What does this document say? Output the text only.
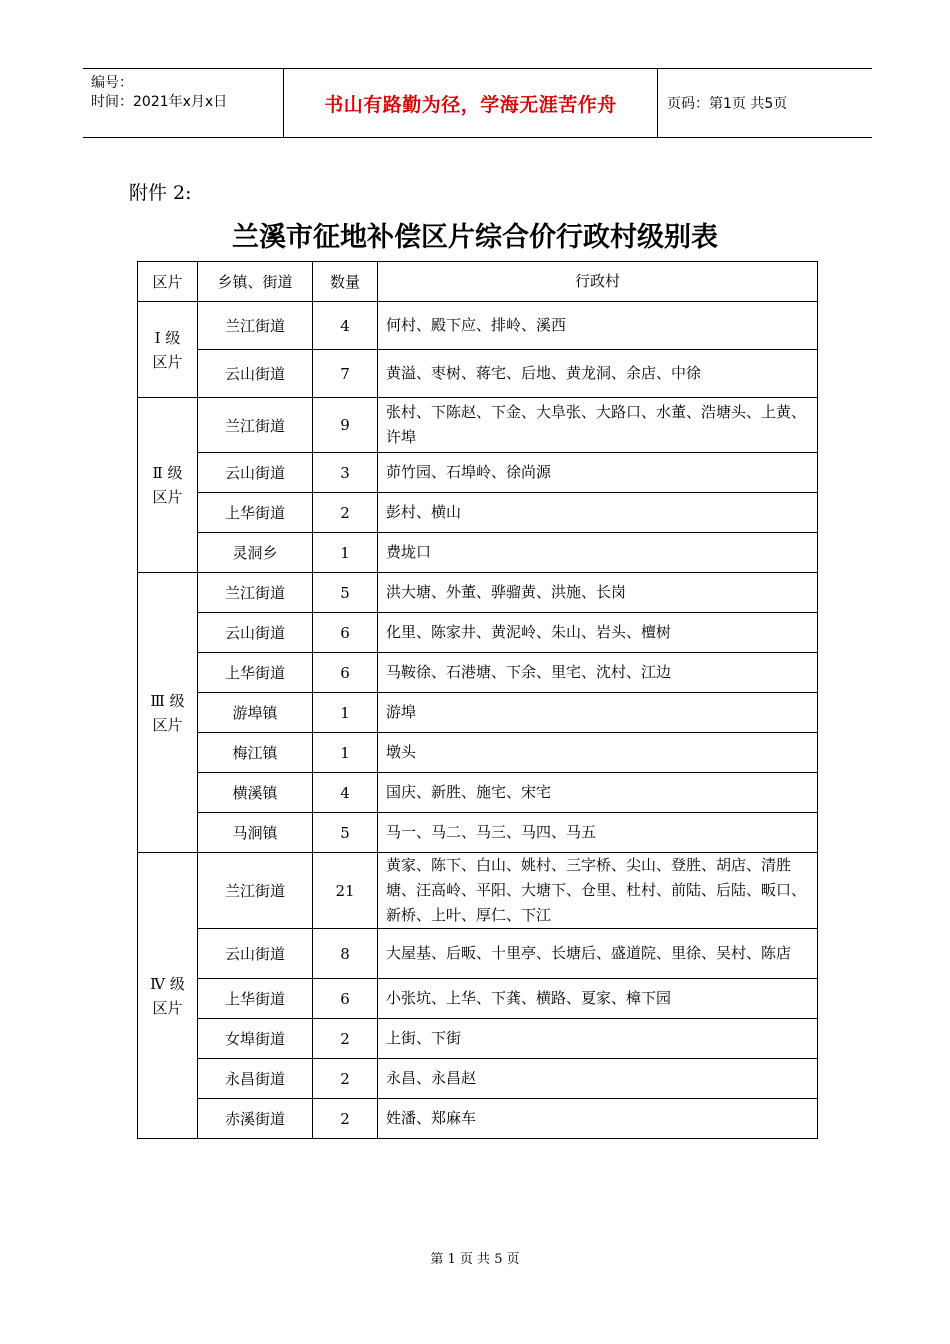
编号：
时间：2021年x月x日	书山有路勤为径，学海无涯苦作舟	页码：第1页 共5页
附件 2:
兰溪市征地补偿区片综合价行政村级别表
区片	乡镇、街道	数量	行政村

Ⅰ 级
区片	兰江街道	4	何村、殿下应、排岭、溪西
	云山街道	7	黄溢、枣树、蒋宅、后地、黄龙洞、余店、中徐

Ⅱ 级
区片	兰江街道	9	张村、下陈赵、下金、大阜张、大路口、水董、浩塘头、上黄、许埠
	云山街道	3	茆竹园、石埠岭、徐尚源
	上华街道	2	彭村、横山
	灵洞乡	1	费垅口

Ⅲ 级
区片	兰江街道	5	洪大塘、外董、骅骝黄、洪施、长岗
	云山街道	6	化里、陈家井、黄泥岭、朱山、岩头、檀树
	上华街道	6	马鞍徐、石港塘、下余、里宅、沈村、江边
	游埠镇	1	游埠
	梅江镇	1	墩头
	横溪镇	4	国庆、新胜、施宅、宋宅
	马涧镇	5	马一、马二、马三、马四、马五

Ⅳ 级
区片	兰江街道	21	黄家、陈下、白山、姚村、三字桥、尖山、登胜、胡店、清胜塘、汪高岭、平阳、大塘下、仓里、杜村、前陆、后陆、畈口、新桥、上叶、厚仁、下江
	云山街道	8	大屋基、后畈、十里亭、长塘后、盛道院、里徐、吴村、陈店
	上华街道	6	小张坑、上华、下龚、横路、夏家、樟下园
	女埠街道	2	上街、下街
	永昌街道	2	永昌、永昌赵
	赤溪街道	2	姓潘、郑麻车
第 1 页 共 5 页
